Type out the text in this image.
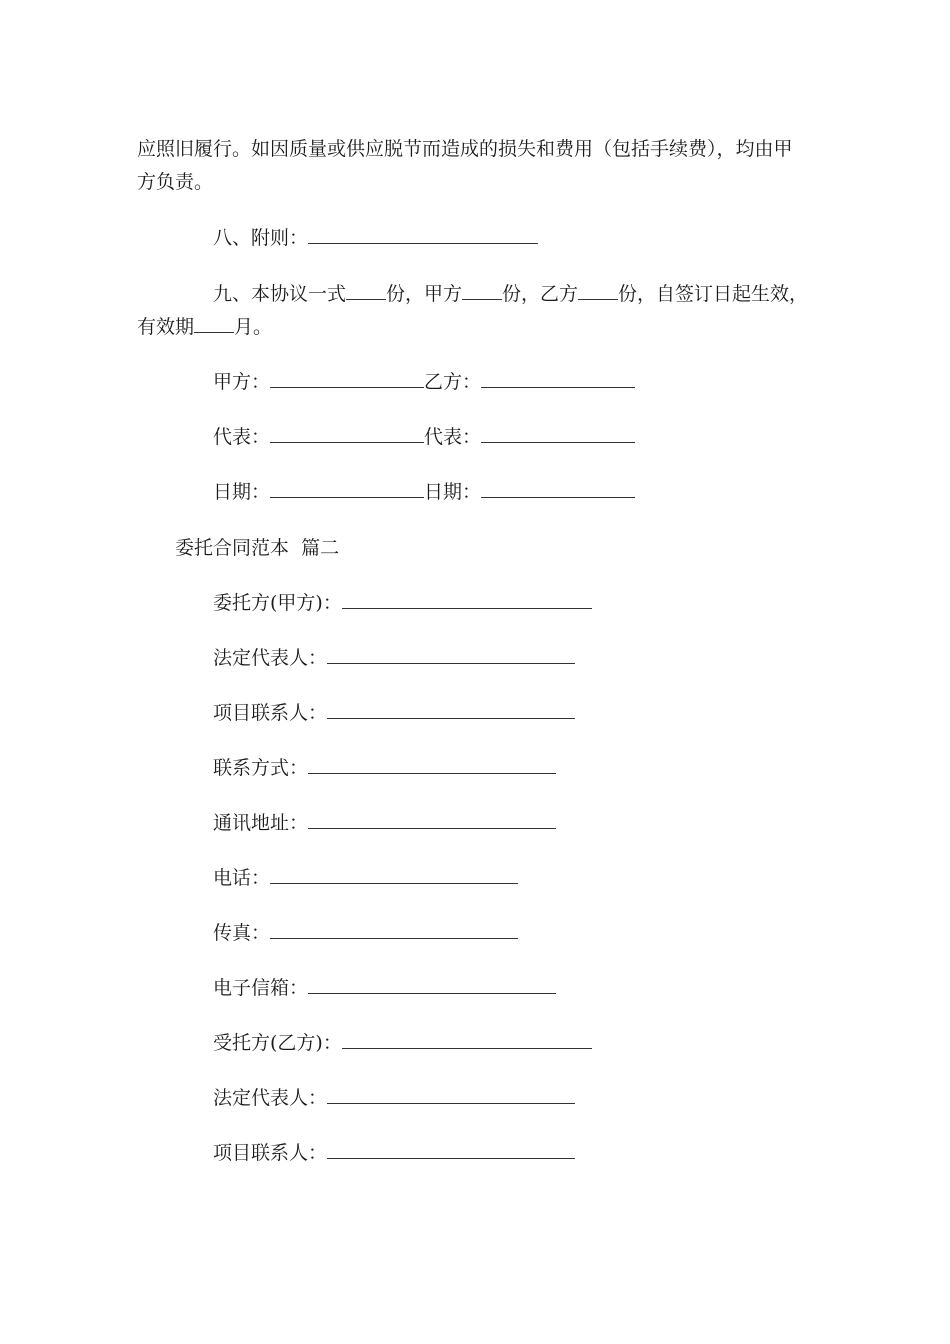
应照旧履行。如因质量或供应脱节而造成的损失和费用（包括手续费），均由甲
方负责。
八、附则：
九、本协议一式 份，甲方 份，乙方 份，自签订日起生效，
有效期 月。
甲方：	乙方：
代表：	代表：
日期：	日期：
委托合同范本  篇二
委托方(甲方)：
法定代表人：
项目联系人：
联系方式：
通讯地址：
电话：
传真：
电子信箱：
受托方(乙方)：
法定代表人：
项目联系人：
